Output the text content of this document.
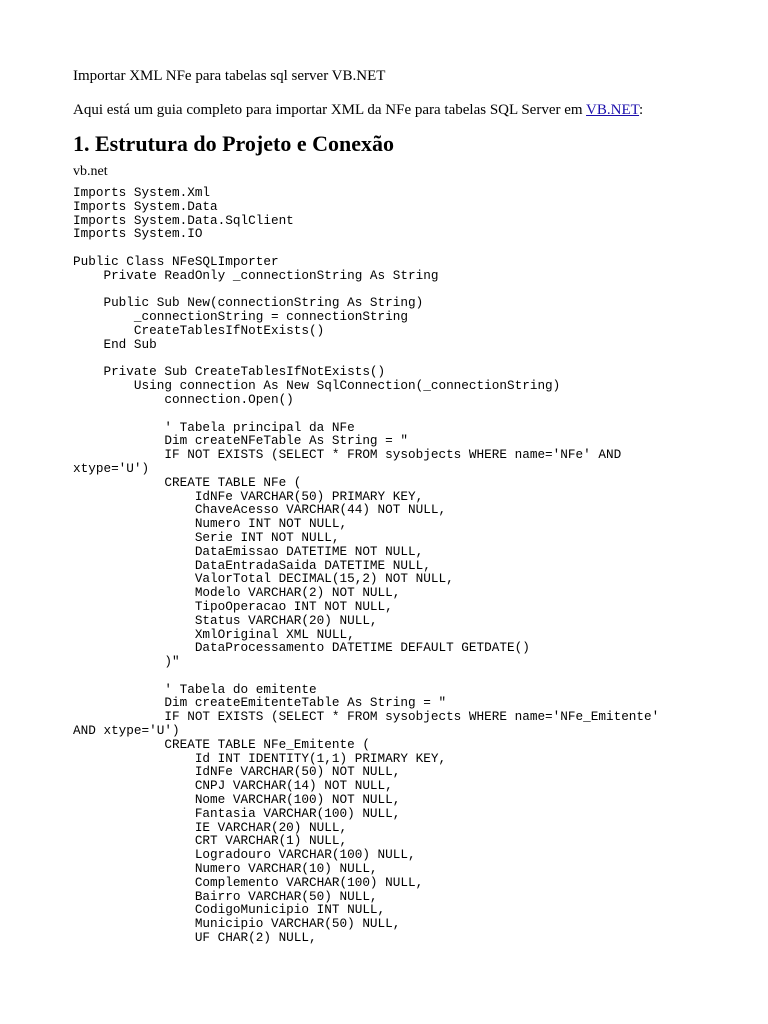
Importar XML NFe para tabelas sql server VB.NET

Aqui está um guia completo para importar XML da NFe para tabelas SQL Server em VB.NET:

1. Estrutura do Projeto e Conexão

vb.net

Imports System.Xml
Imports System.Data
Imports System.Data.SqlClient
Imports System.IO
Public Class NFeSQLImporter
Private ReadOnly _connectionString As String
Public Sub New(connectionString As String)
_connectionString = connectionString
CreateTablesIfNotExists()
End Sub
Private Sub CreateTablesIfNotExists()
Using connection As New SqlConnection(_connectionString)
connection.Open()
' Tabela principal da NFe
Dim createNFeTable As String = "
IF NOT EXISTS (SELECT * FROM sysobjects WHERE name='NFe' AND
xtype='U')
CREATE TABLE NFe (
IdNFe VARCHAR(50) PRIMARY KEY,
ChaveAcesso VARCHAR(44) NOT NULL,
Numero INT NOT NULL,
Serie INT NOT NULL,
DataEmissao DATETIME NOT NULL,
DataEntradaSaida DATETIME NULL,
ValorTotal DECIMAL(15,2) NOT NULL,
Modelo VARCHAR(2) NOT NULL,
TipoOperacao INT NOT NULL,
Status VARCHAR(20) NULL,
XmlOriginal XML NULL,
DataProcessamento DATETIME DEFAULT GETDATE()
)"
' Tabela do emitente
Dim createEmitenteTable As String = "
IF NOT EXISTS (SELECT * FROM sysobjects WHERE name='NFe_Emitente'
AND xtype='U')
CREATE TABLE NFe_Emitente (
Id INT IDENTITY(1,1) PRIMARY KEY,
IdNFe VARCHAR(50) NOT NULL,
CNPJ VARCHAR(14) NOT NULL,
Nome VARCHAR(100) NOT NULL,
Fantasia VARCHAR(100) NULL,
IE VARCHAR(20) NULL,
CRT VARCHAR(1) NULL,
Logradouro VARCHAR(100) NULL,
Numero VARCHAR(10) NULL,
Complemento VARCHAR(100) NULL,
Bairro VARCHAR(50) NULL,
CodigoMunicipio INT NULL,
Municipio VARCHAR(50) NULL,
UF CHAR(2) NULL,
